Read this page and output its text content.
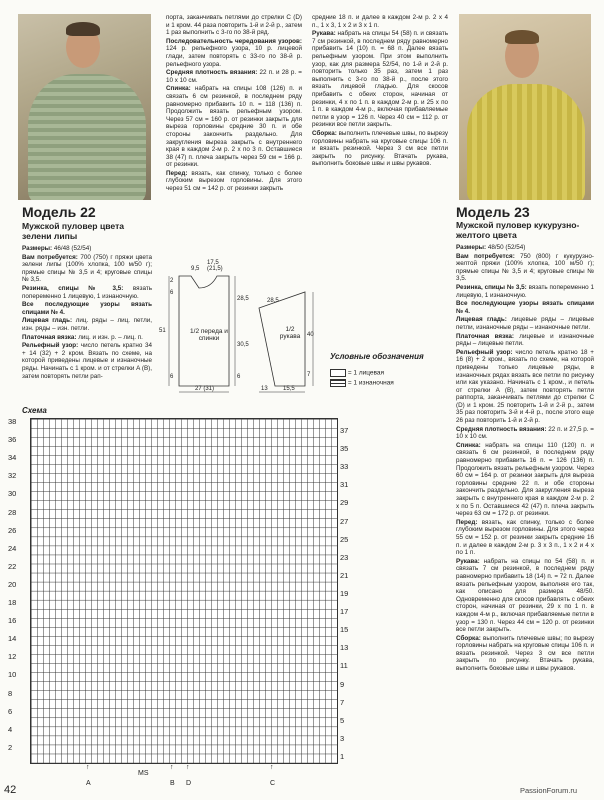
Модель 22
Мужской пуловер цвета зелени липы

Размеры: 46/48 (52/54)

Вам потребуется: 700 (750) г пряжи цвета зелени липы (100% хлопка, 100 м/50 г); прямые спицы № 3,5 и 4; круговые спицы № 3,5.

Резинка, спицы № 3,5: вязать попеременно 1 лицевую, 1 изнаночную.

Все последующие узоры вязать спицами № 4.

Лицевая гладь: лиц. ряды – лиц. петли, изн. ряды – изн. петли.

Платочная вязка: лиц. и изн. р. – лиц. п.

Рельефный узор: число петель кратно 34 + 14 (32) + 2 кром. Вязать по схеме, на которой приведены лицевые и изнаночные ряды. Начинать с 1 кром. и от стрелки A (B), затем повторять петли рап-

порта, заканчивать петлями до стрелки C (D) и 1 кром. 44 раза повторить 1-й и 2-й р., затем 1 раз выполнить с 3-го по 38-й ряд.

Последовательность чередования узоров: 124 р. рельефного узора, 10 р. лицевой глади, затем повторять с 33-го по 38-й р. рельефного узора.

Средняя плотность вязания: 22 п. и 28 р. = 10 х 10 см.

Спинка: набрать на спицы 108 (126) п. и связать 6 см резинкой, в последнем ряду равномерно прибавить 10 п. = 118 (136) п. Продолжить вязать рельефным узором. Через 57 см = 160 р. от резинки закрыть для выреза горловины средние 30 п. и обе стороны закончить раздельно. Для закругления выреза закрыть с внутреннего края в каждом 2-м р. 2 х по 3 п. Оставшиеся 38 (47) п. плеча закрыть через 59 см = 166 р. от резинки.

Перед: вязать, как спинку, только с более глубоким вырезом горловины. Для этого через 51 см = 142 р. от резинки закрыть

средние 18 п. и далее в каждом 2-м р. 2 х 4 п., 1 х 3, 1 х 2 и 3 х 1 п.

Рукава: набрать на спицы 54 (58) п. и связать 7 см резинкой, в последнем ряду равномерно прибавить 14 (10) п. = 68 п. Далее вязать рельефным узором. При этом выполнить узор, как для размера 52/54, по 1-й и 2-й р. повторить только 35 раз, затем 1 раз выполнить с 3-го по 38-й р., после этого вязать лицевой гладью. Для скосов прибавить с обеих сторон, начиная от резинки, 4 х по 1 п. в каждом 2-м р. и 25 х по 1 п. в каждом 4-м р., включая прибавляемые петли в узор = 126 п. Через 40 см = 112 р. от резинки все петли закрыть.

Сборка: выполнить плечевые швы, по вырезу горловины набрать на круговые спицы 106 п. и вязать резинкой. Через 3 см все петли закрыть по рисунку. Втачать рукава, выполнить боковые швы и швы рукавов.

9,5
17,5 (21,5)
2
6
28,5
51
30,5
6
27 (31)
28,5
40
13	15,5
7
6
1/2 переда и спинки
1/2 рукава
Условные обозначения
= 1 лицевая
= 1 изнаночная
Схема
38
36
34
32
30
28
26
24
22
20
18
16
14
12
10
8
6
4
2
37
35
33
31
29
27
25
23
21
19
17
15
13
11
9
7
5
3
1
↑
A
MS
↑
B
↑
D
↑
C
Модель 23
Мужской пуловер кукурузно-желтого цвета

Размеры: 48/50 (52/54)

Вам потребуется: 750 (800) г кукурузно-желтой пряжи (100% хлопка, 100 м/50 г); прямые спицы № 3,5 и 4; круговые спицы № 3,5.

Резинка, спицы № 3,5: вязать попеременно 1 лицевую, 1 изнаночную.

Все последующие узоры вязать спицами № 4.

Лицевая гладь: лицевые ряды – лицевые петли, изнаночные ряды – изнаночные петли.

Платочная вязка: лицевые и изнаночные ряды – лицевые петли.

Рельефный узор: число петель кратно 18 + 16 (8) + 2 кром., вязать по схеме, на которой приведены только лицевые ряды, в изнаночных рядах вязать все петли по рисунку или как указано. Начинать с 1 кром., и петель от стрелки A (B), затем повторять петли раппорта, заканчивать петлями до стрелки C (D) и 1 кром. 25 повторить 1-й и 2-й р., затем 35 раз повторить 3-й и 4-й р., после этого еще 26 раз повторить 1-й и 2-й р.

Средняя плотность вязания: 22 п. и 27,5 р. = 10 х 10 см.

Спинка: набрать на спицы 110 (120) п. и связать 6 см резинкой, в последнем ряду равномерно прибавить 16 п. = 126 (136) п. Продолжить вязать рельефным узором. Через 60 см = 164 р. от резинки закрыть для выреза горловины средние 22 п. и обе стороны закончить раздельно. Для закругления выреза закрыть с внутреннего края в каждом 2-м р. 2 х по 5 п. Оставшиеся 42 (47) п. плеча закрыть через 63 см = 172 р. от резинки.

Перед: вязать, как спинку, только с более глубоким вырезом горловины. Для этого через 55 см = 152 р. от резинки закрыть средние 16 п. и далее в каждом 2-м р. 3 х 3 п., 1 х 2 и 4 х по 1 п.

Рукава: набрать на спицы по 54 (58) п. и связать 7 см резинкой, в последнем ряду равномерно прибавить 18 (14) п. = 72 п. Далее вязать рельефным узором, выполняя его так, как описано для размера 48/50. Одновременно для скосов прибавлять с обеих сторон, начиная от резинки, 29 х по 1 п. в каждом 4-м р., включая прибавляемые петли в узор = 130 п. Через 44 см = 120 р. от резинки все петли закрыть.

Сборка: выполнить плечевые швы; по вырезу горловины набрать на круговые спицы 106 п. и вязать резинкой. Через 3 см все петли закрыть по рисунку. Втачать рукава, выполнить боковые швы и швы рукавов.

42	PassionForum.ru
